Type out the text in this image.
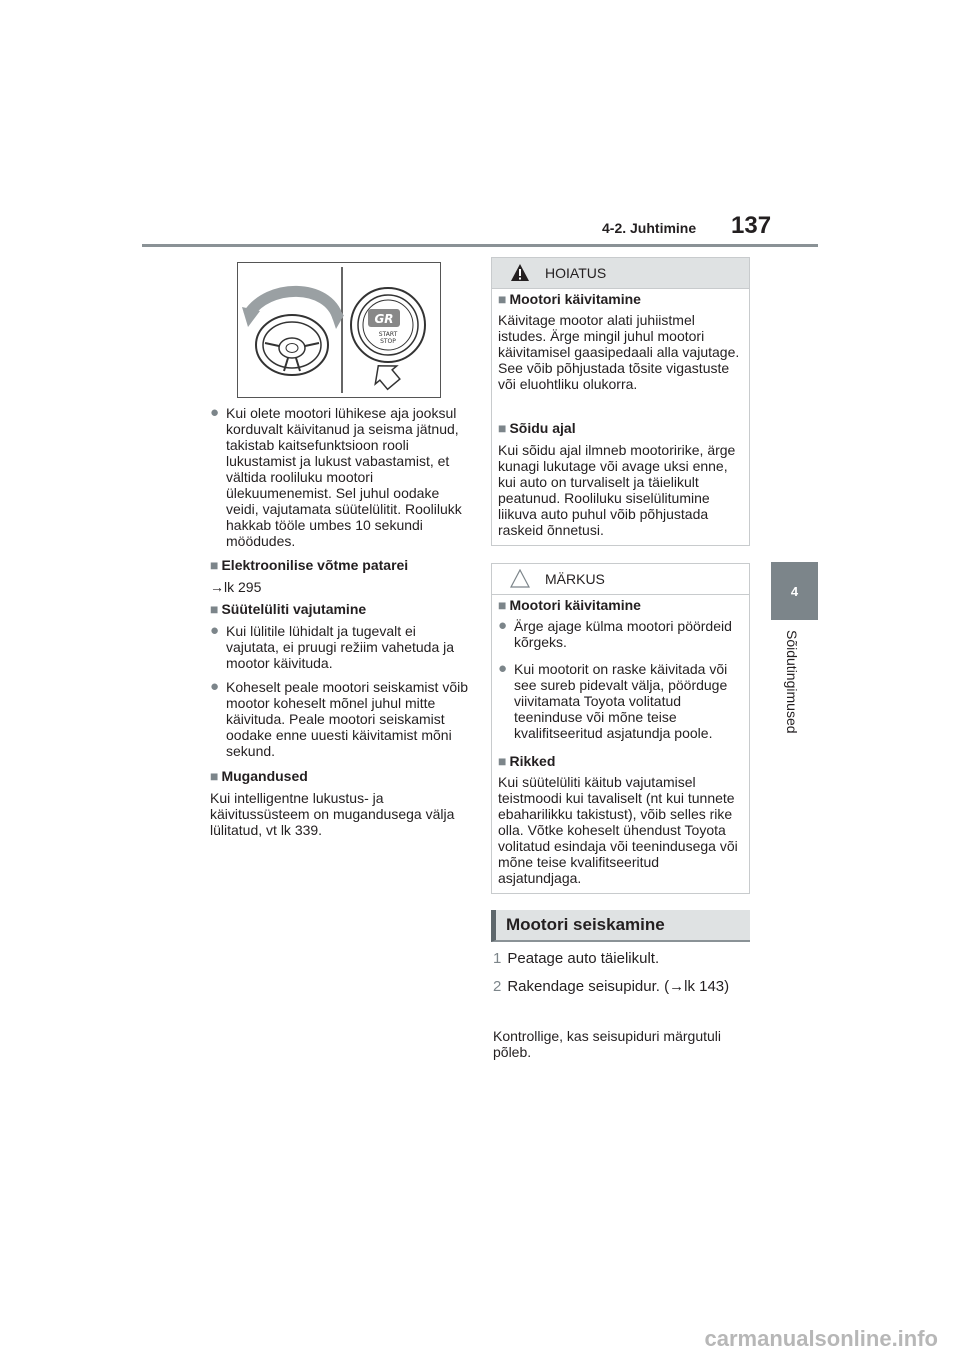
4-2. Juhtimine 137
4
Sõidutingimused
GR
START
STOP
● Kui olete mootori lühikese aja jooksul korduvalt käivitanud ja seisma jätnud, takistab kaitsefunktsioon rooli lukustamist ja lukust vabastamist, et vältida rooliluku mootori ülekuumenemist. Sel juhul oodake veidi, vajutamata süütelülitit. Roolilukk hakkab tööle umbes 10 sekundi möödudes.
■ Elektroonilise võtme patarei
→lk 295
■ Süütelüliti vajutamine
● Kui lülitile lühidalt ja tugevalt ei vajutata, ei pruugi režiim vahetuda ja mootor käivituda.
● Koheselt peale mootori seiskamist võib mootor koheselt mõnel juhul mitte käivituda. Peale mootori seiskamist oodake enne uuesti käivitamist mõni sekund.
■ Mugandused
Kui intelligentne lukustus- ja käivitussüsteem on mugandusega välja lülitatud, vt lk 339.
HOIATUS
■ Mootori käivitamine
Käivitage mootor alati juhiistmel istudes. Ärge mingil juhul mootori käivitamisel gaasipedaali alla vajutage.
See võib põhjustada tõsite vigastuste või eluohtliku olukorra.
■ Sõidu ajal
Kui sõidu ajal ilmneb mootoririke, ärge kunagi lukutage või avage uksi enne, kui auto on turvaliselt ja täielikult peatunud. Rooliluku siselülitumine liikuva auto puhul võib põhjustada raskeid õnnetusi.
MÄRKUS
■ Mootori käivitamine
● Ärge ajage külma mootori pöördeid kõrgeks.
● Kui mootorit on raske käivitada või see sureb pidevalt välja, pöörduge viivitamata Toyota volitatud teeninduse või mõne teise kvalifitseeritud asjatundja poole.
■ Rikked
Kui süütelüliti käitub vajutamisel teistmoodi kui tavaliselt (nt kui tunnete ebaharilikku takistust), võib selles rike olla. Võtke koheselt ühendust Toyota volitatud esindaja või teenindusega või mõne teise kvalifitseeritud asjatundjaga.
Mootori seiskamine
1 Peatage auto täielikult.
2 Rakendage seisupidur. (→lk 143)
Kontrollige, kas seisupiduri märgutuli põleb.
carmanualsonline.info
